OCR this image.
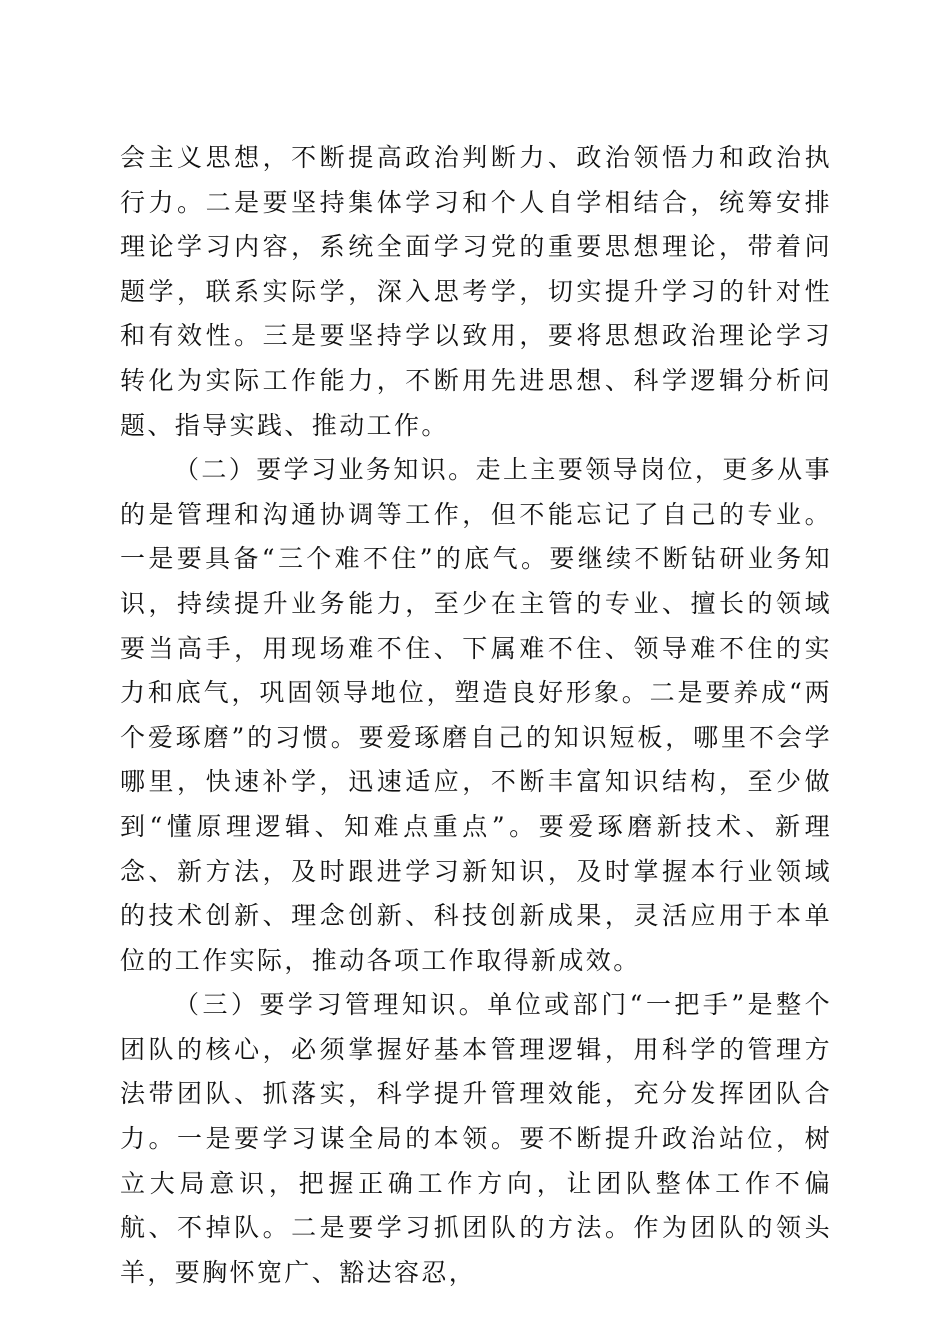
会主义思想，不断提高政治判断力、政治领悟力和政治执行力。二是要坚持集体学习和个人自学相结合，统筹安排理论学习内容，系统全面学习党的重要思想理论，带着问题学，联系实际学，深入思考学，切实提升学习的针对性和有效性。三是要坚持学以致用，要将思想政治理论学习转化为实际工作能力，不断用先进思想、科学逻辑分析问题、指导实践、推动工作。

（二）要学习业务知识。走上主要领导岗位，更多从事的是管理和沟通协调等工作，但不能忘记了自己的专业。一是要具备“三个难不住”的底气。要继续不断钻研业务知识，持续提升业务能力，至少在主管的专业、擅长的领域要当高手，用现场难不住、下属难不住、领导难不住的实力和底气，巩固领导地位，塑造良好形象。二是要养成“两个爱琢磨”的习惯。要爱琢磨自己的知识短板，哪里不会学哪里，快速补学，迅速适应，不断丰富知识结构，至少做到“懂原理逻辑、知难点重点”。要爱琢磨新技术、新理念、新方法，及时跟进学习新知识，及时掌握本行业领域的技术创新、理念创新、科技创新成果，灵活应用于本单位的工作实际，推动各项工作取得新成效。

（三）要学习管理知识。单位或部门“一把手”是整个团队的核心，必须掌握好基本管理逻辑，用科学的管理方法带团队、抓落实，科学提升管理效能，充分发挥团队合力。一是要学习谋全局的本领。要不断提升政治站位，树立大局意识，把握正确工作方向，让团队整体工作不偏航、不掉队。二是要学习抓团队的方法。作为团队的领头羊，要胸怀宽广、豁达容忍，
